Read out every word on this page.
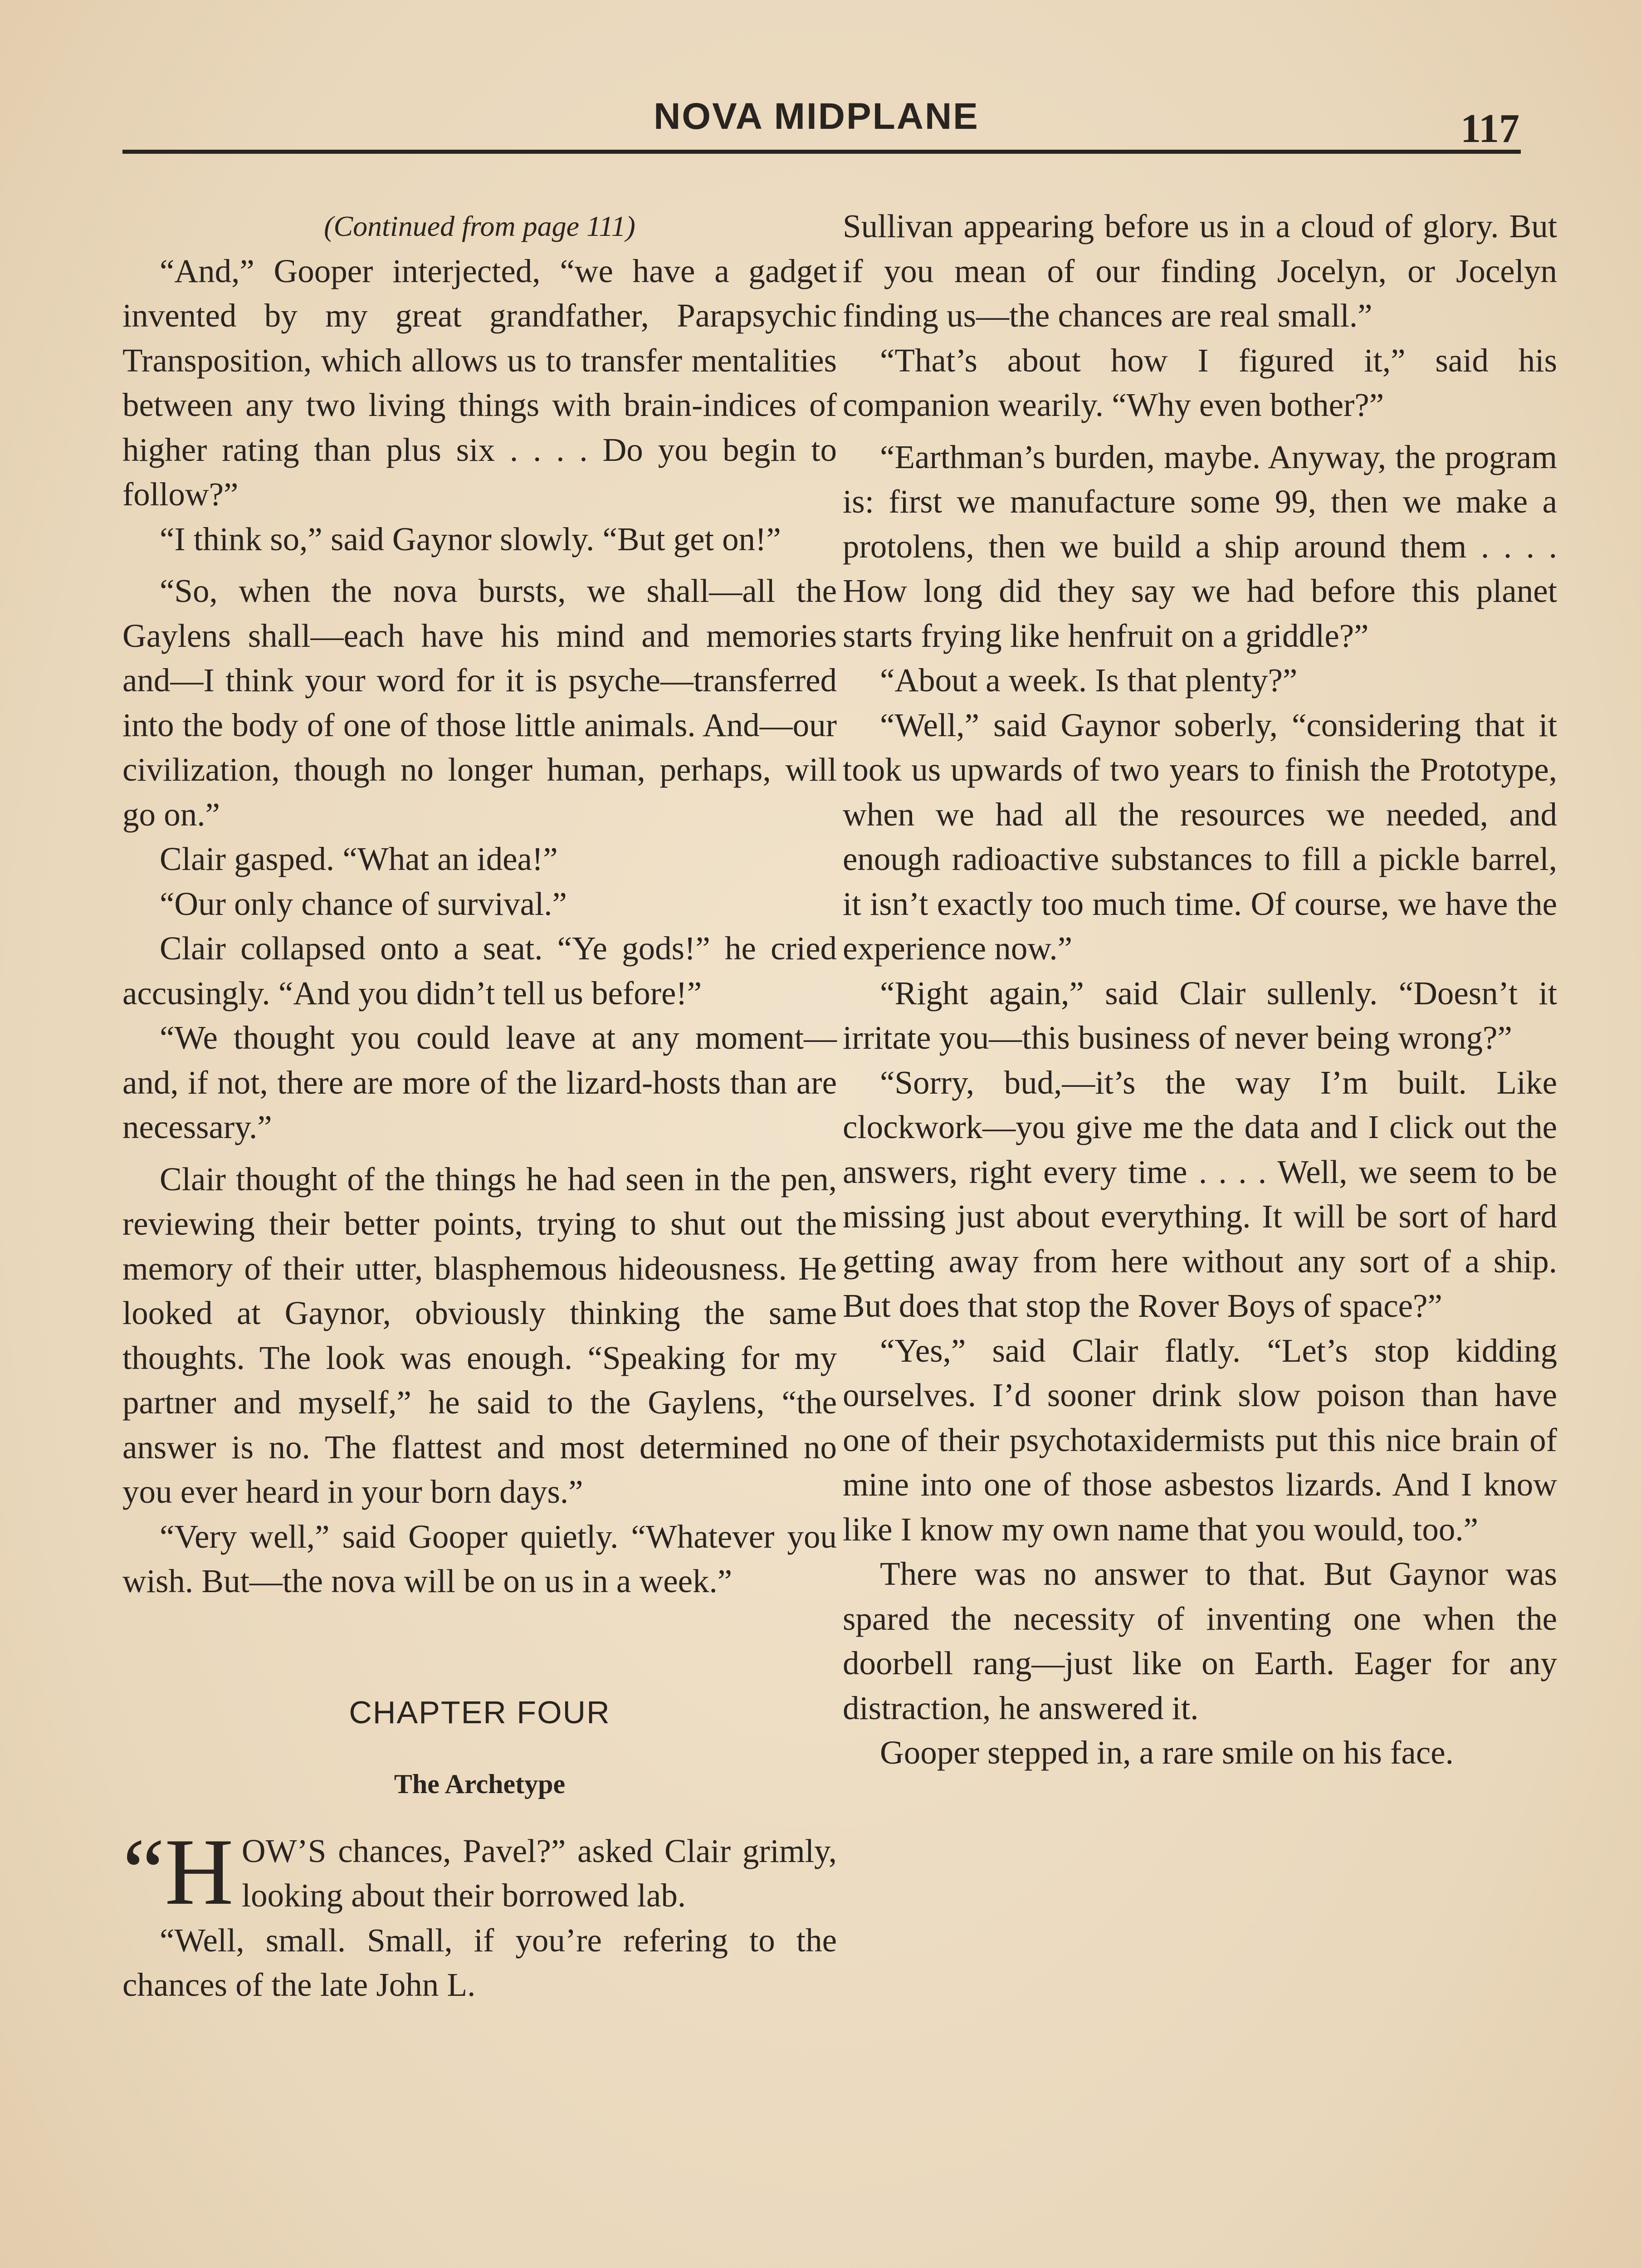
NOVA MIDPLANE	117
(Continued from page 111)

“And,” Gooper interjected, “we have a gadget invented by my great grandfather, Parapsychic Transposition, which allows us to transfer mentalities between any two living things with brain-indices of higher rating than plus six . . . . Do you begin to follow?”

“I think so,” said Gaynor slowly. “But get on!”

“So, when the nova bursts, we shall—all the Gaylens shall—each have his mind and memories and—I think your word for it is psyche—transferred into the body of one of those little animals. And—our civilization, though no longer human, perhaps, will go on.”

Clair gasped. “What an idea!”

“Our only chance of survival.”

Clair collapsed onto a seat. “Ye gods!” he cried accusingly. “And you didn’t tell us before!”

“We thought you could leave at any moment—and, if not, there are more of the lizard-hosts than are necessary.”

Clair thought of the things he had seen in the pen, reviewing their better points, trying to shut out the memory of their utter, blasphemous hideousness. He looked at Gaynor, obviously thinking the same thoughts. The look was enough. “Speaking for my partner and myself,” he said to the Gaylens, “the answer is no. The flattest and most determined no you ever heard in your born days.”

“Very well,” said Gooper quietly. “Whatever you wish. But—the nova will be on us in a week.”

CHAPTER FOUR
The Archetype

“HOW’S chances, Pavel?” asked Clair grimly, looking about their borrowed lab.

“Well, small. Small, if you’re refering to the chances of the late John L.

Sullivan appearing before us in a cloud of glory. But if you mean of our finding Jocelyn, or Jocelyn finding us—the chances are real small.”

“That’s about how I figured it,” said his companion wearily. “Why even bother?”

“Earthman’s burden, maybe. Anyway, the program is: first we manufacture some 99, then we make a protolens, then we build a ship around them . . . . How long did they say we had before this planet starts frying like henfruit on a griddle?”

“About a week. Is that plenty?”

“Well,” said Gaynor soberly, “considering that it took us upwards of two years to finish the Prototype, when we had all the resources we needed, and enough radioactive substances to fill a pickle barrel, it isn’t exactly too much time. Of course, we have the experience now.”

“Right again,” said Clair sullenly. “Doesn’t it irritate you—this business of never being wrong?”

“Sorry, bud,—it’s the way I’m built. Like clockwork—you give me the data and I click out the answers, right every time . . . . Well, we seem to be missing just about everything. It will be sort of hard getting away from here without any sort of a ship. But does that stop the Rover Boys of space?”

“Yes,” said Clair flatly. “Let’s stop kidding ourselves. I’d sooner drink slow poison than have one of their psychotaxidermists put this nice brain of mine into one of those asbestos lizards. And I know like I know my own name that you would, too.”

There was no answer to that. But Gaynor was spared the necessity of inventing one when the doorbell rang—just like on Earth. Eager for any distraction, he answered it.

Gooper stepped in, a rare smile on his face.
